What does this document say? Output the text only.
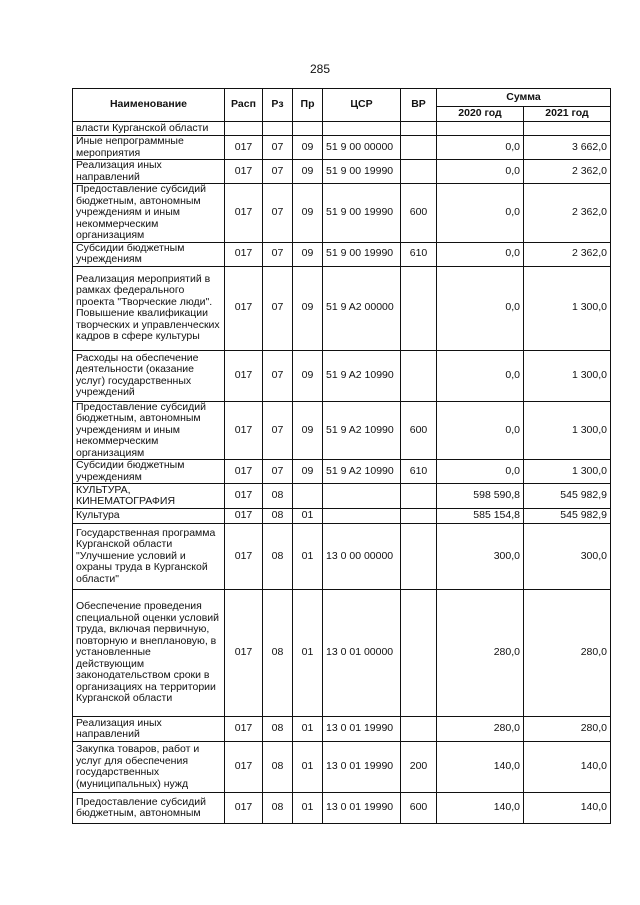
285
Наименование	Расп	Рз	Пр	ЦСР	ВР	Сумма	
						2020 год	2021 год
власти Курганской области							
Иные непрограммные мероприятия	017	07	09	51 9 00 00000		0,0	3 662,0
Реализация иных направлений	017	07	09	51 9 00 19990		0,0	2 362,0
Предоставление субсидий бюджетным, автономным учреждениям и иным некоммерческим организациям	017	07	09	51 9 00 19990	600	0,0	2 362,0
Субсидии бюджетным учреждениям	017	07	09	51 9 00 19990	610	0,0	2 362,0
Реализация мероприятий в рамках федерального проекта "Творческие люди". Повышение квалификации творческих и управленческих кадров в сфере культуры	017	07	09	51 9 A2 00000		0,0	1 300,0
Расходы на обеспечение деятельности (оказание услуг) государственных учреждений	017	07	09	51 9 A2 10990		0,0	1 300,0
Предоставление субсидий бюджетным, автономным учреждениям и иным некоммерческим организациям	017	07	09	51 9 A2 10990	600	0,0	1 300,0
Субсидии бюджетным учреждениям	017	07	09	51 9 A2 10990	610	0,0	1 300,0
КУЛЬТУРА, КИНЕМАТОГРАФИЯ	017	08				598 590,8	545 982,9
Культура	017	08	01			585 154,8	545 982,9
Государственная программа Курганской области "Улучшение условий и охраны труда в Курганской области"	017	08	01	13 0 00 00000		300,0	300,0
Обеспечение проведения специальной оценки условий труда, включая первичную, повторную и внеплановую, в установленные действующим законодательством сроки в организациях на территории Курганской области	017	08	01	13 0 01 00000		280,0	280,0
Реализация иных направлений	017	08	01	13 0 01 19990		280,0	280,0
Закупка товаров, работ и услуг для обеспечения государственных (муниципальных) нужд	017	08	01	13 0 01 19990	200	140,0	140,0
Предоставление субсидий бюджетным, автономным	017	08	01	13 0 01 19990	600	140,0	140,0
